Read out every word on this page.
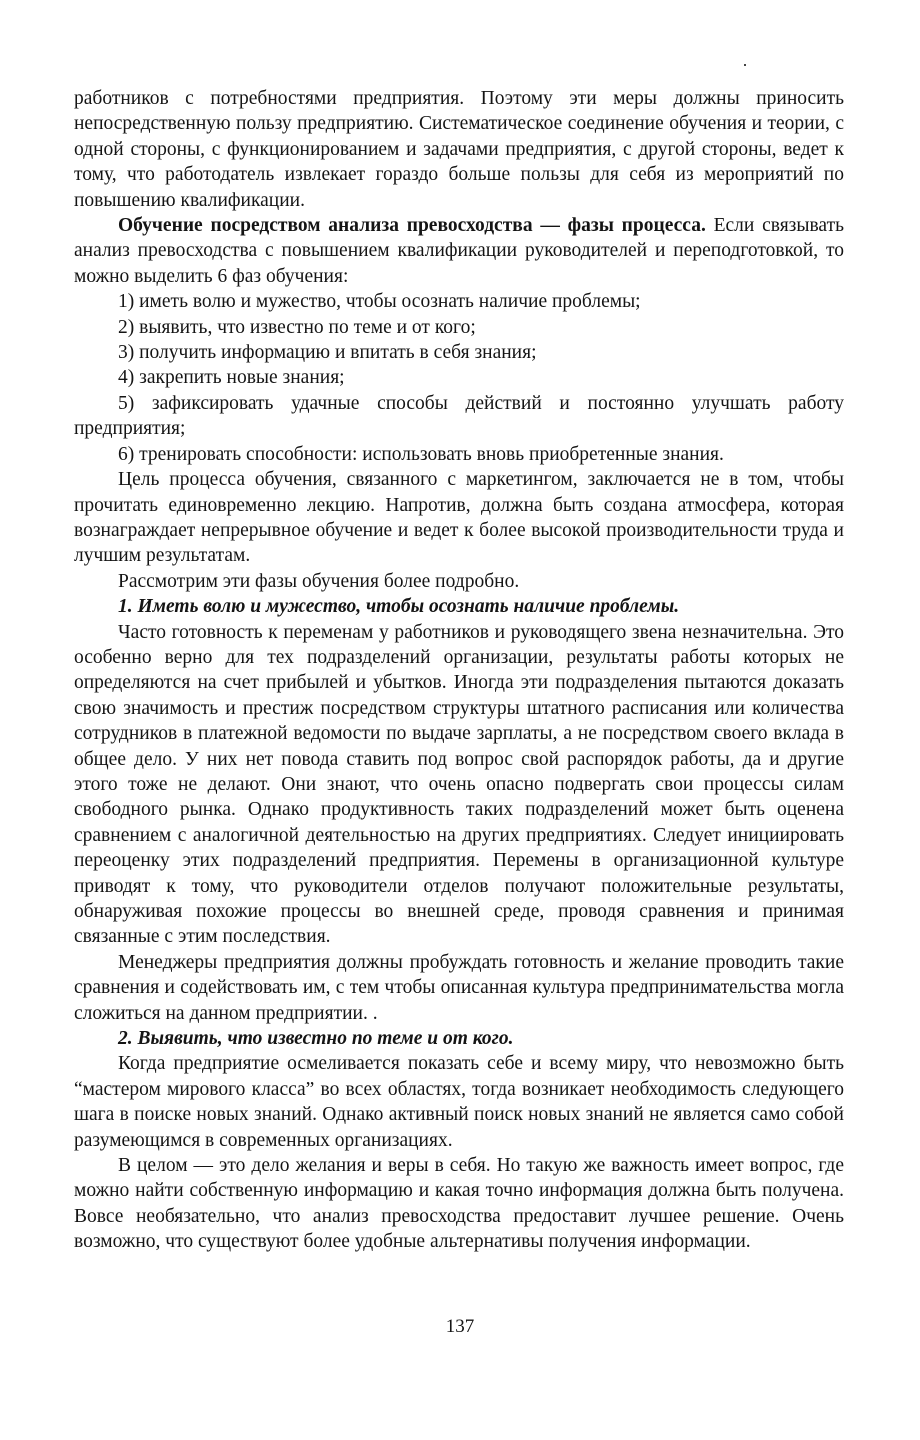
работников с потребностями предприятия. Поэтому эти меры должны приносить непосредственную пользу предприятию. Систематическое соединение обучения и теории, с одной стороны, с функционированием и задачами предприятия, с другой стороны, ведет к тому, что работодатель извлекает гораздо больше пользы для себя из мероприятий по повышению квалификации.

Обучение посредством анализа превосходства — фазы процесса. Если связывать анализ превосходства с повышением квалификации руководителей и переподготовкой, то можно выделить 6 фаз обучения:

1) иметь волю и мужество, чтобы осознать наличие проблемы;

2) выявить, что известно по теме и от кого;

3) получить информацию и впитать в себя знания;

4) закрепить новые знания;

5) зафиксировать удачные способы действий и постоянно улучшать работу предприятия;

6) тренировать способности: использовать вновь приобретенные знания.

Цель процесса обучения, связанного с маркетингом, заключается не в том, чтобы прочитать единовременно лекцию. Напротив, должна быть создана атмосфера, которая вознаграждает непрерывное обучение и ведет к более высокой производительности труда и лучшим результатам.

Рассмотрим эти фазы обучения более подробно.

1. Иметь волю и мужество, чтобы осознать наличие проблемы.

Часто готовность к переменам у работников и руководящего звена незначительна. Это особенно верно для тех подразделений организации, результаты работы которых не определяются на счет прибылей и убытков. Иногда эти подразделения пытаются доказать свою значимость и престиж посредством структуры штатного расписания или количества сотрудников в платежной ведомости по выдаче зарплаты, а не посредством своего вклада в общее дело. У них нет повода ставить под вопрос свой распорядок работы, да и другие этого тоже не делают. Они знают, что очень опасно подвергать свои процессы силам свободного рынка. Однако продуктивность таких подразделений может быть оценена сравнением с аналогичной деятельностью на других предприятиях. Следует инициировать переоценку этих подразделений предприятия. Перемены в организационной культуре приводят к тому, что руководители отделов получают положительные результаты, обнаруживая похожие процессы во внешней среде, проводя сравнения и принимая связанные с этим последствия.

Менеджеры предприятия должны пробуждать готовность и желание проводить такие сравнения и содействовать им, с тем чтобы описанная культура предпринимательства могла сложиться на данном предприятии. .

2. Выявить, что известно по теме и от кого.

Когда предприятие осмеливается показать себе и всему миру, что невозможно быть “мастером мирового класса” во всех областях, тогда возникает необходимость следующего шага в поиске новых знаний. Однако активный поиск новых знаний не является само собой разумеющимся в современных организациях.

В целом — это дело желания и веры в себя. Но такую же важность имеет вопрос, где можно найти собственную информацию и какая точно информация должна быть получена. Вовсе необязательно, что анализ превосходства предоставит лучшее решение. Очень возможно, что существуют более удобные альтернативы получения информации.

137
